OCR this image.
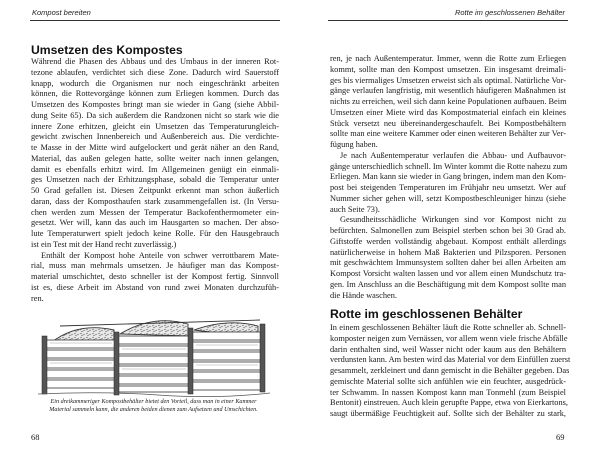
Kompost bereiten
Umsetzen des Kompostes
Während die Phasen des Abbaus und des Umbaus in der inneren Rot-
tezone ablaufen, verdichtet sich diese Zone. Dadurch wird Sauerstoff
knapp, wodurch die Organismen nur noch eingeschränkt arbeiten
können, die Rottevorgänge können zum Erliegen kommen. Durch das
Umsetzen des Kompostes bringt man sie wieder in Gang (siehe Abbil-
dung Seite 65). Da sich außerdem die Randzonen nicht so stark wie die
innere Zone erhitzen, gleicht ein Umsetzen das Temperaturungleich-
gewicht zwischen Innenbereich und Außenbereich aus. Die verdichte-
te Masse in der Mitte wird aufgelockert und gerät näher an den Rand,
Material, das außen gelegen hatte, sollte weiter nach innen gelangen,
damit es ebenfalls erhitzt wird. Im Allgemeinen genügt ein einmali-
ges Umsetzen nach der Erhitzungsphase, sobald die Temperatur unter
50 Grad gefallen ist. Diesen Zeitpunkt erkennt man schon äußerlich
daran, dass der Komposthaufen stark zusammengefallen ist. (In Versu-
chen werden zum Messen der Temperatur Backofenthermometer ein-
gesetzt. Wer will, kann das auch im Hausgarten so machen. Der abso-
lute Temperaturwert spielt jedoch keine Rolle. Für den Hausgebrauch
ist ein Test mit der Hand recht zuverlässig.)
Enthält der Kompost hohe Anteile von schwer verrottbarem Mate-
rial, muss man mehrmals umsetzen. Je häufiger man das Kompost-
material umschichtet, desto schneller ist der Kompost fertig. Sinnvoll
ist es, diese Arbeit im Abstand von rund zwei Monaten durchzufüh-
ren.
Ein dreikammeriger Kompostbehälter bietet den Vorteil, dass man in einer Kammer
Material sammeln kann, die anderen beiden dienen zum Aufsetzen und Umschichten.
68
Rotte im geschlossenen Behälter
ren, je nach Außentemperatur. Immer, wenn die Rotte zum Erliegen
kommt, sollte man den Kompost umsetzen. Ein insgesamt dreimali-
ges bis viermaliges Umsetzen erweist sich als optimal. Natürliche Vor-
gänge verlaufen langfristig, mit wesentlich häufigeren Maßnahmen ist
nichts zu erreichen, weil sich dann keine Populationen aufbauen. Beim
Umsetzen einer Miete wird das Kompostmaterial einfach ein kleines
Stück versetzt neu übereinandergeschaufelt. Bei Kompostbehältern
sollte man eine weitere Kammer oder einen weiteren Behälter zur Ver-
fügung haben.
Je nach Außentemperatur verlaufen die Abbau- und Aufbauvor-
gänge unterschiedlich schnell. Im Winter kommt die Rotte nahezu zum
Erliegen. Man kann sie wieder in Gang bringen, indem man den Kom-
post bei steigenden Temperaturen im Frühjahr neu umsetzt. Wer auf
Nummer sicher gehen will, setzt Kompostbeschleuniger hinzu (siehe
auch Seite 73).
Gesundheitsschädliche Wirkungen sind vor Kompost nicht zu
befürchten. Salmonellen zum Beispiel sterben schon bei 30 Grad ab.
Giftstoffe werden vollständig abgebaut. Kompost enthält allerdings
natürlicherweise in hohem Maß Bakterien und Pilzsporen. Personen
mit geschwächtem Immunsystem sollten daher bei allen Arbeiten am
Kompost Vorsicht walten lassen und vor allem einen Mundschutz tra-
gen. Im Anschluss an die Beschäftigung mit dem Kompost sollte man
die Hände waschen.
Rotte im geschlossenen Behälter
In einem geschlossenen Behälter läuft die Rotte schneller ab. Schnell-
komposter neigen zum Vernässen, vor allem wenn viele frische Abfälle
darin enthalten sind, weil Wasser nicht oder kaum aus den Behältern
verdunsten kann. Am besten wird das Material vor dem Einfüllen zuerst
gesammelt, zerkleinert und dann gemischt in die Behälter gegeben. Das
gemischte Material sollte sich anfühlen wie ein feuchter, ausgedrück-
ter Schwamm. In nassen Kompost kann man Tonmehl (zum Beispiel
Bentonit) einstreuen. Auch klein gerupfte Pappe, etwa von Eierkartons,
saugt übermäßige Feuchtigkeit auf. Sollte sich der Behälter zu stark,
69
